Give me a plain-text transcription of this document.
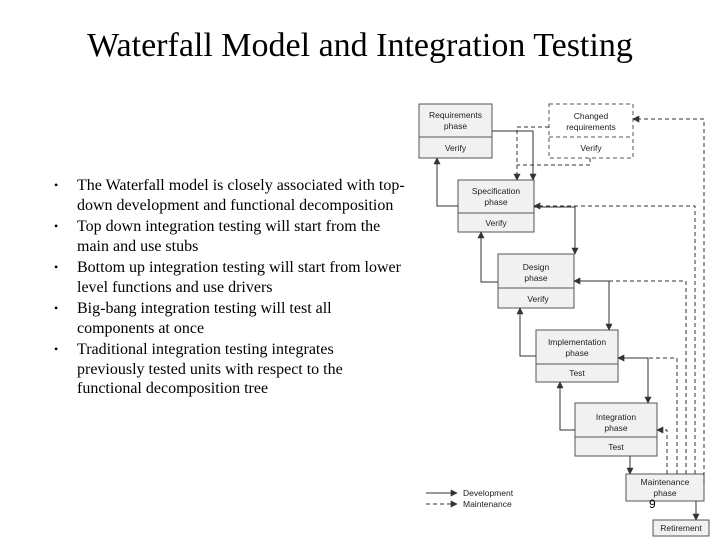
Waterfall Model and Integration Testing
• The Waterfall model is closely associated with top-down development and functional decomposition
• Top down integration testing will start from the main and use stubs
• Bottom up integration testing will start from lower level functions and use drivers
• Big-bang integration testing will test all components at once
• Traditional integration testing integrates previously tested units with respect to the functional decomposition tree
Requirements
phase
Verify
Changed
requirements
Verify
Specification
phase
Verify
Design
phase
Verify
Implementation
phase
Test
Integration
phase
Test
Maintenance
phase
Retirement
Development
Maintenance	9
